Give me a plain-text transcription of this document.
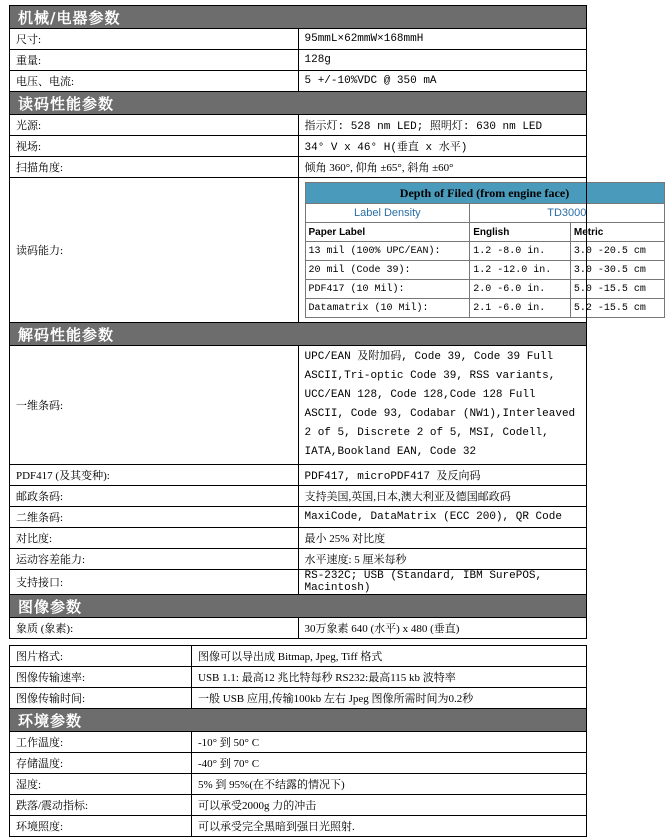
机械/电器参数
尺寸:	95mmL×62mmW×168mmH
重量:	128g
电压、电流:	5 +/-10%VDC @ 350 mA
读码性能参数
光源:	指示灯: 528 nm LED; 照明灯: 630 nm LED
视场:	34° V x 46° H(垂直 x 水平)
扫描角度:	倾角 360°, 仰角 ±65°, 斜角 ±60°
读码能力:	
Depth of Filed (from engine face)
Label Density	TD3000
Paper Label	English	Metric
13 mil (100% UPC/EAN):	1.2 -8.0 in.	3.0 -20.5 cm
20 mil (Code 39):	1.2 -12.0 in.	3.0 -30.5 cm
PDF417 (10 Mil):	2.0 -6.0 in.	5.0 -15.5 cm
Datamatrix (10 Mil):	2.1 -6.0 in.	5.2 -15.5 cm

解码性能参数
一维条码:	UPC/EAN 及附加码, Code 39, Code 39 Full ASCII,Tri-optic Code 39, RSS variants, UCC/EAN 128, Code 128,Code 128 Full ASCII, Code 93, Codabar (NW1),Interleaved 2 of 5, Discrete 2 of 5, MSI, Codell, IATA,Bookland EAN, Code 32
PDF417 (及其变种):	PDF417, microPDF417 及反向码
邮政条码:	支持美国,英国,日本,澳大利亚及德国邮政码
二维条码:	MaxiCode, DataMatrix (ECC 200), QR Code
对比度:	最小 25% 对比度
运动容差能力:	水平速度: 5 厘米每秒
支持接口:	RS-232C; USB (Standard, IBM SurePOS, Macintosh)
图像参数
象质 (象素):	30万象素 640 (水平) x 480 (垂直)
图片格式:	图像可以导出成 Bitmap, Jpeg, Tiff 格式
图像传输速率:	USB 1.1: 最高12 兆比特每秒 RS232:最高115 kb 波特率
图像传输时间:	一般 USB 应用,传输100kb 左右 Jpeg 图像所需时间为0.2秒
环境参数	
工作温度:	-10° 到 50° C
存储温度:	-40° 到 70° C
湿度:	5% 到 95%(在不结露的情况下)
跌落/震动指标:	可以承受2000g 力的冲击
环境照度:	可以承受完全黑暗到强日光照射.
